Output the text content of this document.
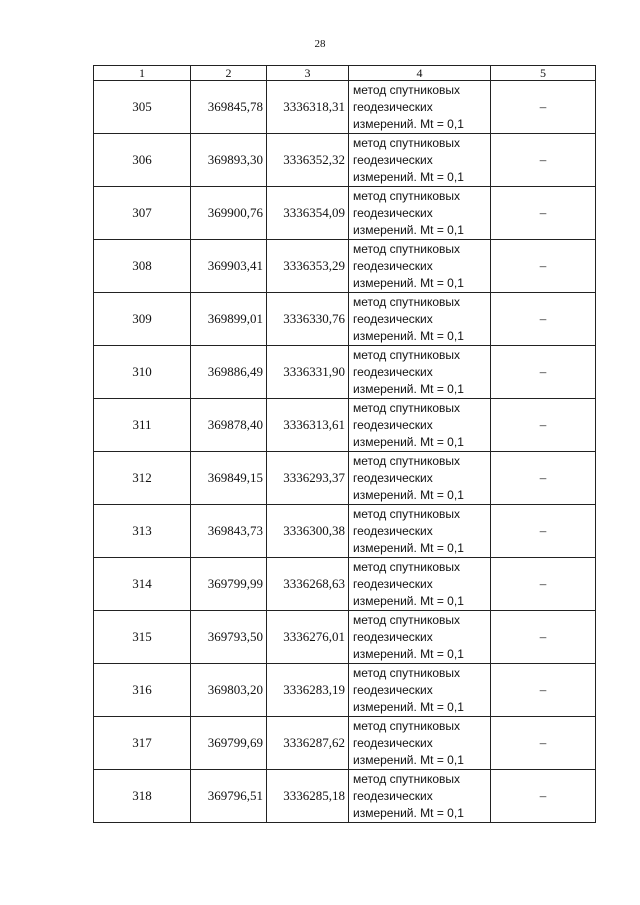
28
1	2	3	4	5
305	369845,78	3336318,31	метод спутниковых
геодезических
измерений. Mt = 0,1	–
306	369893,30	3336352,32	метод спутниковых
геодезических
измерений. Mt = 0,1	–
307	369900,76	3336354,09	метод спутниковых
геодезических
измерений. Mt = 0,1	–
308	369903,41	3336353,29	метод спутниковых
геодезических
измерений. Mt = 0,1	–
309	369899,01	3336330,76	метод спутниковых
геодезических
измерений. Mt = 0,1	–
310	369886,49	3336331,90	метод спутниковых
геодезических
измерений. Mt = 0,1	–
311	369878,40	3336313,61	метод спутниковых
геодезических
измерений. Mt = 0,1	–
312	369849,15	3336293,37	метод спутниковых
геодезических
измерений. Mt = 0,1	–
313	369843,73	3336300,38	метод спутниковых
геодезических
измерений. Mt = 0,1	–
314	369799,99	3336268,63	метод спутниковых
геодезических
измерений. Mt = 0,1	–
315	369793,50	3336276,01	метод спутниковых
геодезических
измерений. Mt = 0,1	–
316	369803,20	3336283,19	метод спутниковых
геодезических
измерений. Mt = 0,1	–
317	369799,69	3336287,62	метод спутниковых
геодезических
измерений. Mt = 0,1	–
318	369796,51	3336285,18	метод спутниковых
геодезических
измерений. Mt = 0,1	–
